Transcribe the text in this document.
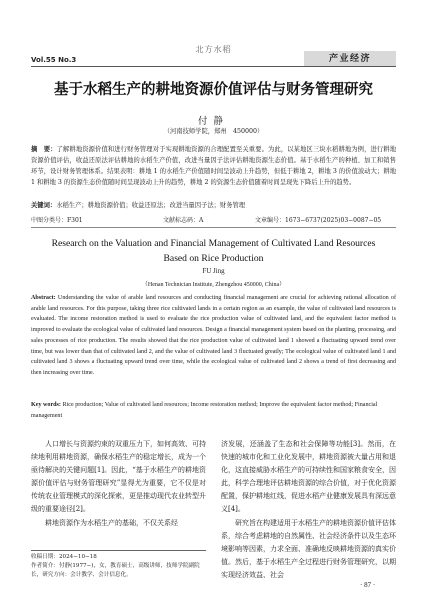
Vol.55 No.3
北方水稻
产业经济
基于水稻生产的耕地资源价值评估与财务管理研究
付静
（河南技师学院，郑州　450000）
摘　要：了解耕地资源价值和进行财务管理对于实现耕地资源的合理配置至关重要。为此，以某地区三块水稻耕地为例，进行耕地资源价值评估，收益还原法评估耕地的水稻生产价值，改进当量因子法评估耕地资源生态价值。基于水稻生产的种植、加工和销售环节，设计财务管理体系。结果表明：耕地 1 的水稻生产价值随时间呈波动上升趋势，但低于耕地 2，耕地 3 的价值波动大；耕地 1 和耕地 3 的资源生态价值随时间呈现波动上升的趋势，耕地 2 的资源生态价值随着时间呈现先下降后上升的趋势。
关键词：水稻生产；耕地资源价值；收益还原法；改进当量因子法；财务管理
中图分类号：F301	文献标志码：A	文章编号：1673−6737(2025)03−0087−05
Research on the Valuation and Financial Management of Cultivated Land Resources Based on Rice Production
FU Jing
（Henan Technician Institute, Zhengzhou 450000, China）
Abstract: Understanding the value of arable land resources and conducting financial management are crucial for achieving rational allocation of arable land resources. For this purpose, taking three rice cultivated lands in a certain region as an example, the value of cultivated land resources is evaluated. The income restoration method is used to evaluate the rice production value of cultivated land, and the equivalent factor method is improved to evaluate the ecological value of cultivated land resources. Design a financial management system based on the planting, processing, and sales processes of rice production. The results showed that the rice production value of cultivated land 1 showed a fluctuating upward trend over time, but was lower than that of cultivated land 2, and the value of cultivated land 3 fluctuated greatly; The ecological value of cultivated land 1 and cultivated land 3 shows a fluctuating upward trend over time, while the ecological value of cultivated land 2 shows a trend of first decreasing and then increasing over time.
Key words: Rice production; Value of cultivated land resources; Income restoration method; Improve the equivalent factor method; Financial management

人口增长与资源约束的双重压力下，如何高效、可持续地利用耕地资源，确保水稻生产的稳定增长，成为一个亟待解决的关键问题[1]。因此，“基于水稻生产的耕地资源价值评估与财务管理研究”显得尤为重要，它不仅是对传统农业管理模式的深化探索，更是推动现代农业转型升级的重要途径[2]。

耕地资源作为水稻生产的基础，不仅关系经

济发展，还涵盖了生态和社会保障等功能[3]。然而，在快速的城市化和工业化发展中，耕地资源被大量占用和退化，这直接威胁水稻生产的可持续性和国家粮食安全，因此，科学合理地评估耕地资源的综合价值，对于优化资源配置，保护耕地红线，促进水稻产业健康发展具有深远意义[4]。

研究旨在构建适用于水稻生产的耕地资源价值评估体系，综合考虑耕地的自然属性、社会经济条件以及生态环境影响等因素，力求全面、准确地反映耕地资源的真实价值。然后，基于水稻生产全过程进行财务管理研究，以期实现经济效益、社会

收稿日期：2024−10−18
作者简介：付静(1977−)，女，教育硕士，高级讲师，技师学院副院长，研究方向：会计教学、会计信息化。
· 87 ·
